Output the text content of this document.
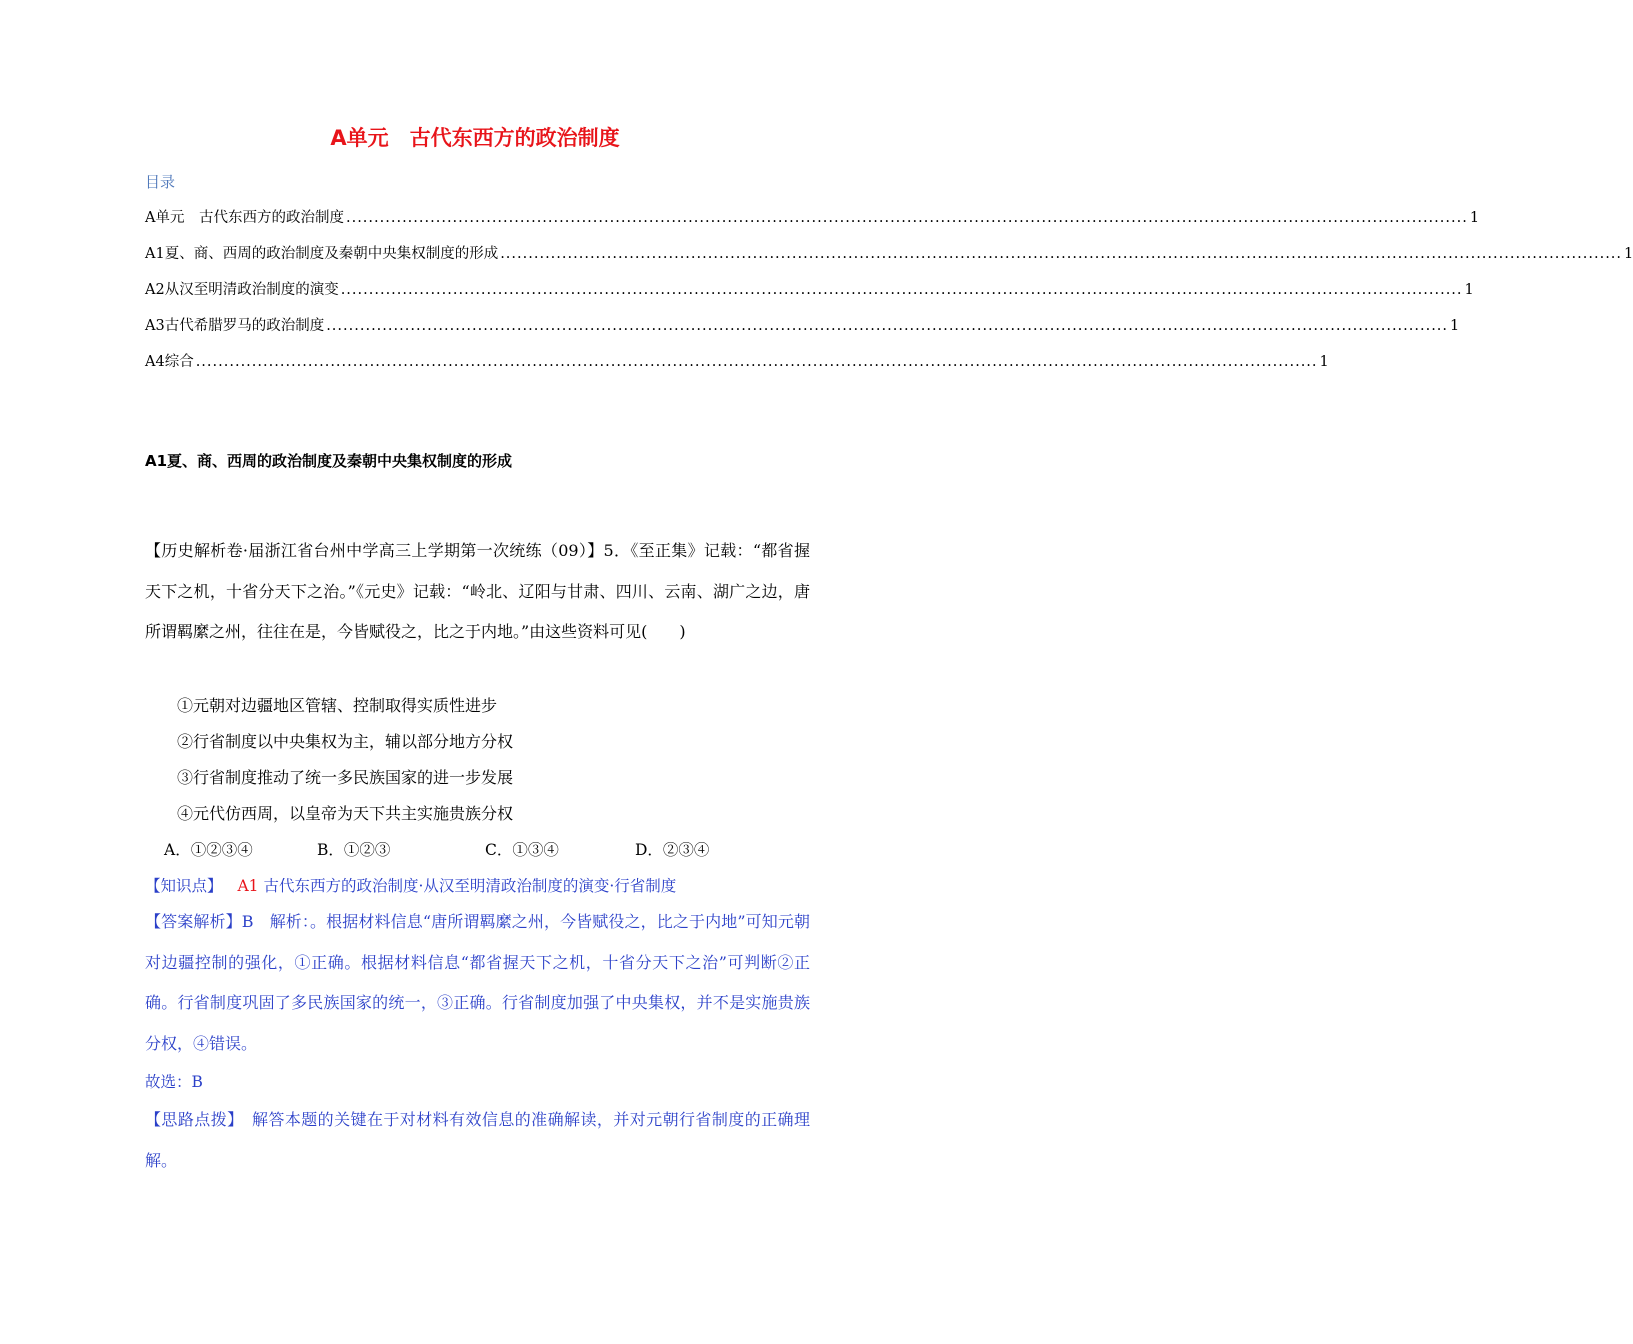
A单元　古代东西方的政治制度
目录
A单元　古代东西方的政治制度 ........................................................................................................................................................................................................ 1
A1夏、商、西周的政治制度及秦朝中央集权制度的形成 ........................................................................................................................................................................................................ 1
A2从汉至明清政治制度的演变 ........................................................................................................................................................................................................ 1
A3古代希腊罗马的政治制度 ........................................................................................................................................................................................................ 1
A4综合 ........................................................................................................................................................................................................ 1
A1夏、商、西周的政治制度及秦朝中央集权制度的形成
【历史解析卷·届浙江省台州中学高三上学期第一次统练（09）】5．《至正集》记载：“都省握天下之机，十省分天下之治。”《元史》记载：“岭北、辽阳与甘肃、四川、云南、湖广之边，唐所谓羁縻之州，往往在是，今皆赋役之，比之于内地。”由这些资料可见(　　)
①元朝对边疆地区管辖、控制取得实质性进步
②行省制度以中央集权为主，辅以部分地方分权
③行省制度推动了统一多民族国家的进一步发展
④元代仿西周，以皇帝为天下共主实施贵族分权
A．①②③④	B．①②③	C．①③④	D．②③④
【知识点】 A1 古代东西方的政治制度·从汉至明清政治制度的演变·行省制度
【答案解析】B　解析：。根据材料信息“唐所谓羁縻之州，今皆赋役之，比之于内地”可知元朝对边疆控制的强化，①正确。根据材料信息“都省握天下之机，十省分天下之治”可判断②正确。行省制度巩固了多民族国家的统一，③正确。行省制度加强了中央集权，并不是实施贵族分权，④错误。
故选：B
【思路点拨】　解答本题的关键在于对材料有效信息的准确解读，并对元朝行省制度的正确理解。
